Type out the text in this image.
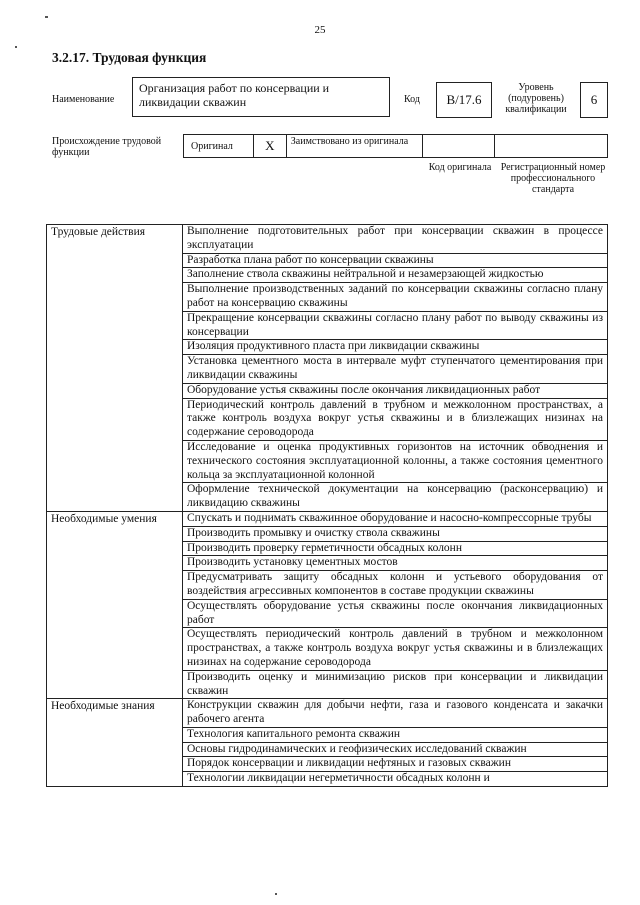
25
3.2.17. Трудовая функция
Наименование
Организация работ по консервации и ликвидации скважин	Код	В/17.6
Уровень (подуровень) квалификации
6
Происхождение трудовой функции
Оригинал	X	Заимствовано из оригинала
Код оригинала Регистрационный номер профессионального стандарта
Трудовые действия	Выполнение подготовительных работ при консервации скважин в процессе эксплуатации
	Разработка плана работ по консервации скважины
	Заполнение ствола скважины нейтральной и незамерзающей жидкостью
	Выполнение производственных заданий по консервации скважины согласно плану работ на консервацию скважины
	Прекращение консервации скважины согласно плану работ по выводу скважины из консервации
	Изоляция продуктивного пласта при ликвидации скважины
	Установка цементного моста в интервале муфт ступенчатого цементирования при ликвидации скважины
	Оборудование устья скважины после окончания ликвидационных работ
	Периодический контроль давлений в трубном и межколонном пространствах, а также контроль воздуха вокруг устья скважины и в близлежащих низинах на содержание сероводорода
	Исследование и оценка продуктивных горизонтов на источник обводнения и технического состояния эксплуатационной колонны, а также состояния цементного кольца за эксплуатационной колонной
	Оформление технической документации на консервацию (расконсервацию) и ликвидацию скважины
Необходимые умения	Спускать и поднимать скважинное оборудование и насосно-компрессорные трубы
	Производить промывку и очистку ствола скважины
	Производить проверку герметичности обсадных колонн
	Производить установку цементных мостов
	Предусматривать защиту обсадных колонн и устьевого оборудования от воздействия агрессивных компонентов в составе продукции скважины
	Осуществлять оборудование устья скважины после окончания ликвидационных работ
	Осуществлять периодический контроль давлений в трубном и межколонном пространствах, а также контроль воздуха вокруг устья скважины и в близлежащих низинах на содержание сероводорода
	Производить оценку и минимизацию рисков при консервации и ликвидации скважин
Необходимые знания	Конструкции скважин для добычи нефти, газа и газового конденсата и закачки рабочего агента
	Технология капитального ремонта скважин
	Основы гидродинамических и геофизических исследований скважин
	Порядок консервации и ликвидации нефтяных и газовых скважин
	Технологии ликвидации негерметичности обсадных колонн и
